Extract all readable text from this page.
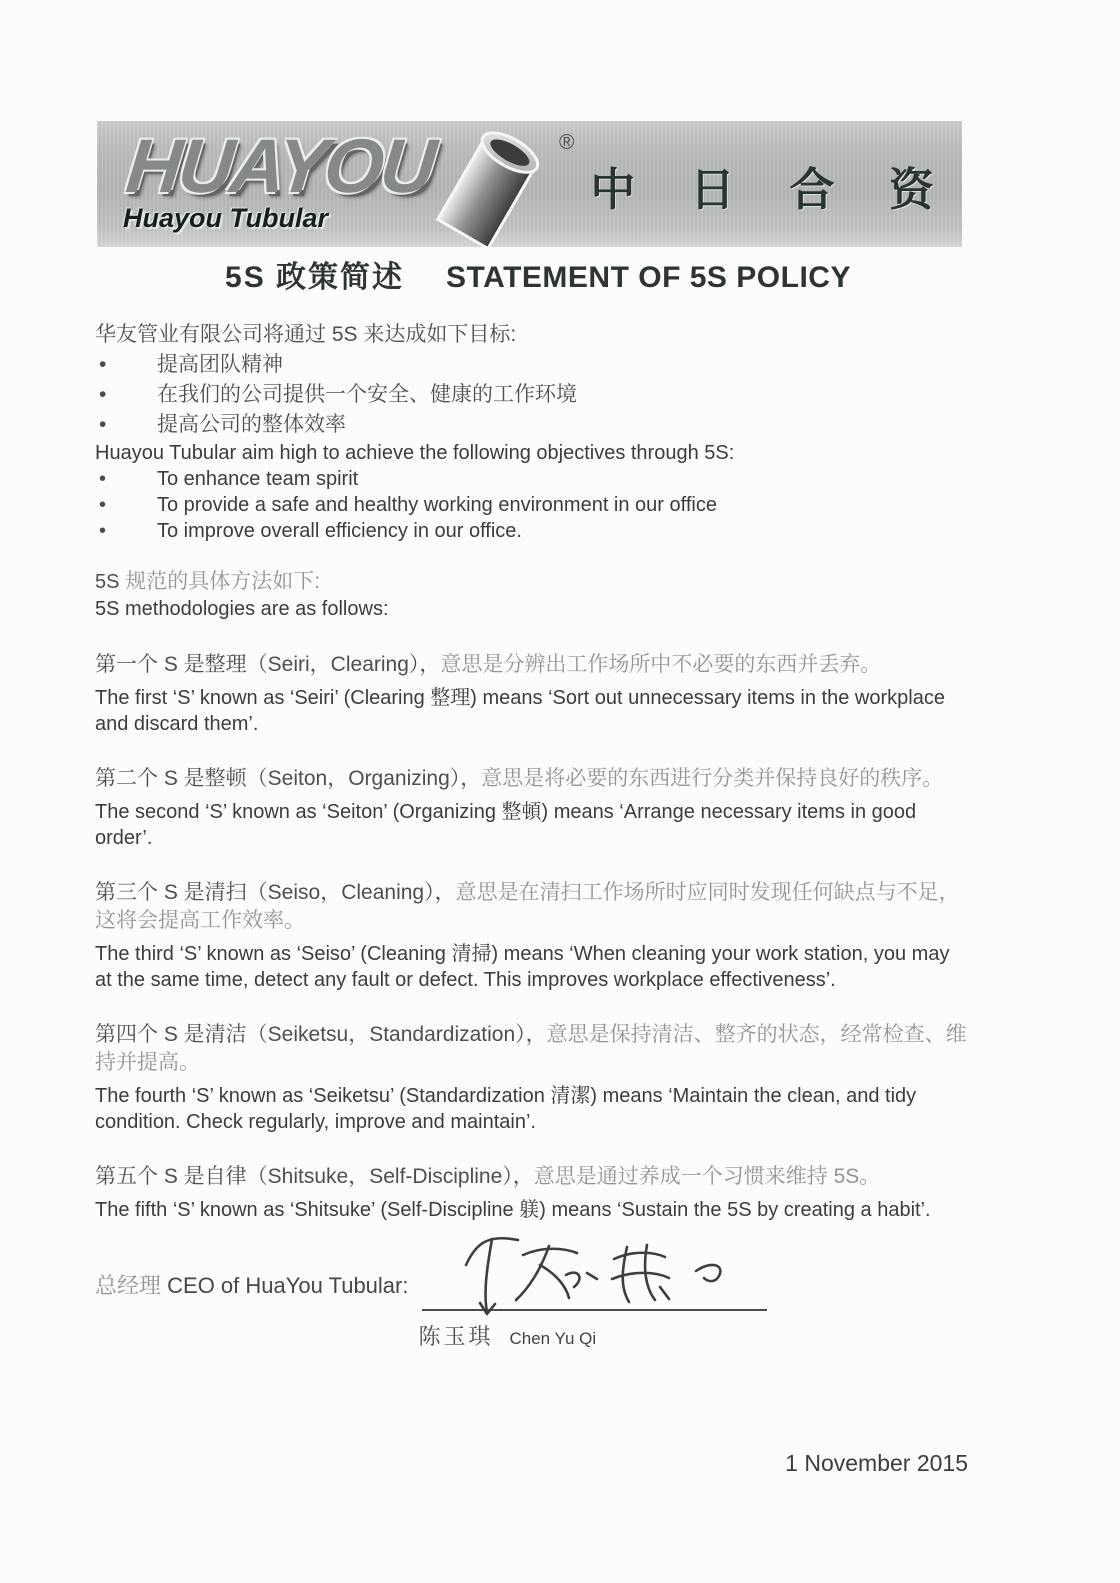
HUAYOU	®
Huayou Tubular
中 日 合 资
5S 政策简述 STATEMENT OF 5S POLICY

华友管业有限公司将通过 5S 来达成如下目标:

•	提高团队精神
•	在我们的公司提供一个安全、健康的工作环境
•	提高公司的整体效率

Huayou Tubular aim high to achieve the following objectives through 5S:

•	To enhance team spirit
•	To provide a safe and healthy working environment in our office
•	To improve overall efficiency in our office.
5S 规范的具体方法如下:
5S methodologies are as follows:

第一个 S 是整理（Seiri，Clearing），意思是分辨出工作场所中不必要的东西并丢弃。

The first ‘S’ known as ‘Seiri’ (Clearing 整理) means ‘Sort out unnecessary items in the workplace and discard them’.

第二个 S 是整顿（Seiton，Organizing），意思是将必要的东西进行分类并保持良好的秩序。

The second ‘S’ known as ‘Seiton’ (Organizing 整頓) means ‘Arrange necessary items in good order’.

第三个 S 是清扫（Seiso，Cleaning），意思是在清扫工作场所时应同时发现任何缺点与不足，这将会提高工作效率。

The third ‘S’ known as ‘Seiso’ (Cleaning 清掃) means ‘When cleaning your work station, you may at the same time, detect any fault or defect. This improves workplace effectiveness’.

第四个 S 是清洁（Seiketsu，Standardization），意思是保持清洁、整齐的状态，经常检查、维持并提高。

The fourth ‘S’ known as ‘Seiketsu’ (Standardization 清潔) means ‘Maintain the clean, and tidy condition. Check regularly, improve and maintain’.

第五个 S 是自律（Shitsuke，Self-Discipline），意思是通过养成一个习惯来维持 5S。

The fifth ‘S’ known as ‘Shitsuke’ (Self-Discipline 躾) means ‘Sustain the 5S by creating a habit’.

总经理 CEO of HuaYou Tubular:
陈玉琪 Chen Yu Qi
1 November 2015
